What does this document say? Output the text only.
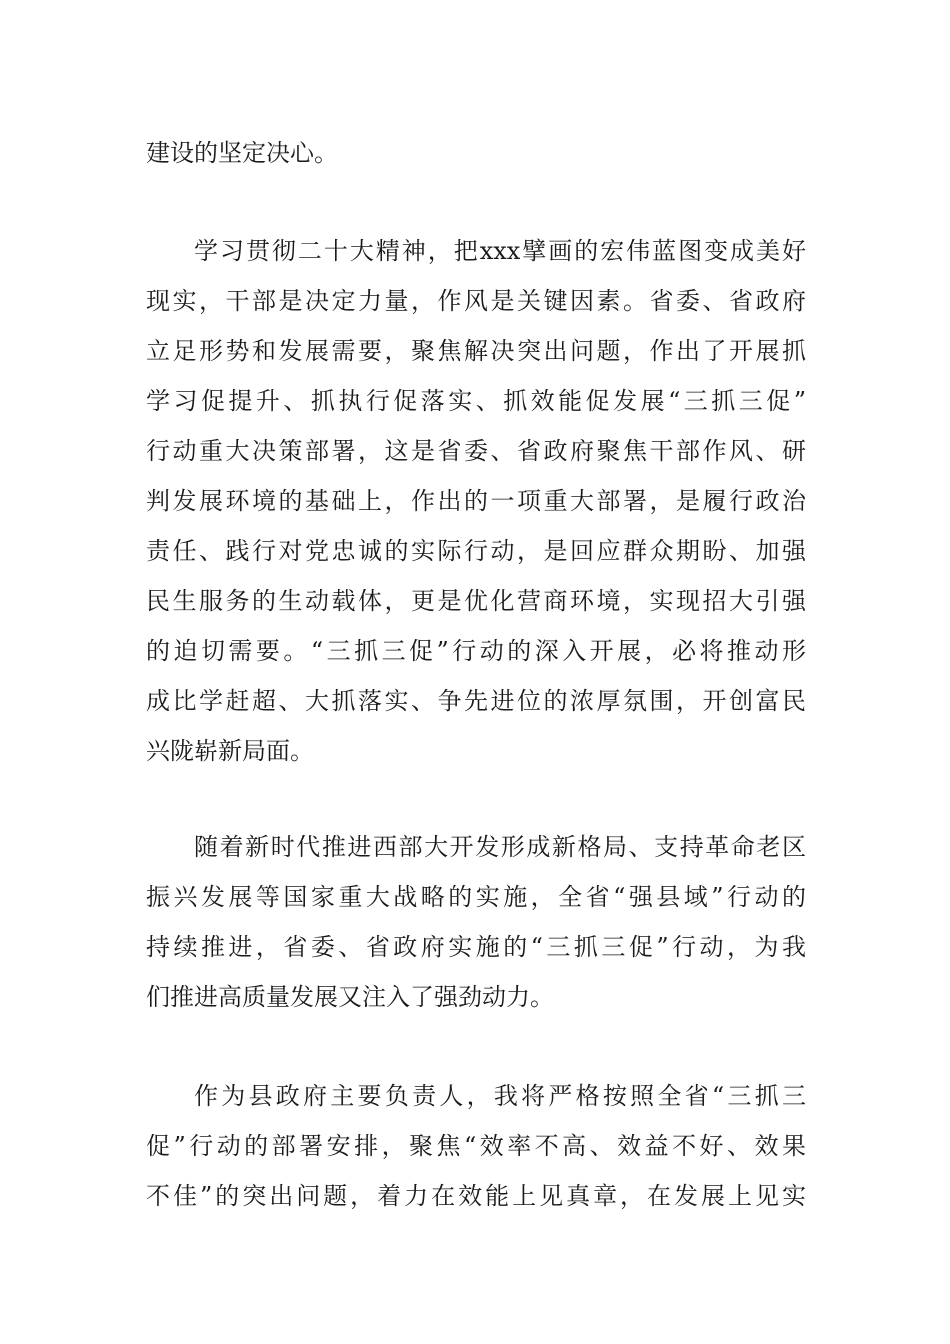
建设的坚定决心。
学习贯彻二十大精神，把xxx擘画的宏伟蓝图变成美好
现实，干部是决定力量，作风是关键因素。省委、省政府
立足形势和发展需要，聚焦解决突出问题，作出了开展抓
学习促提升、抓执行促落实、抓效能促发展“三抓三促”
行动重大决策部署，这是省委、省政府聚焦干部作风、研
判发展环境的基础上，作出的一项重大部署，是履行政治
责任、践行对党忠诚的实际行动，是回应群众期盼、加强
民生服务的生动载体，更是优化营商环境，实现招大引强
的迫切需要。“三抓三促”行动的深入开展，必将推动形
成比学赶超、大抓落实、争先进位的浓厚氛围，开创富民
兴陇崭新局面。
随着新时代推进西部大开发形成新格局、支持革命老区
振兴发展等国家重大战略的实施，全省“强县域”行动的
持续推进，省委、省政府实施的“三抓三促”行动，为我
们推进高质量发展又注入了强劲动力。
作为县政府主要负责人，我将严格按照全省“三抓三
促”行动的部署安排，聚焦“效率不高、效益不好、效果
不佳”的突出问题，着力在效能上见真章，在发展上见实
